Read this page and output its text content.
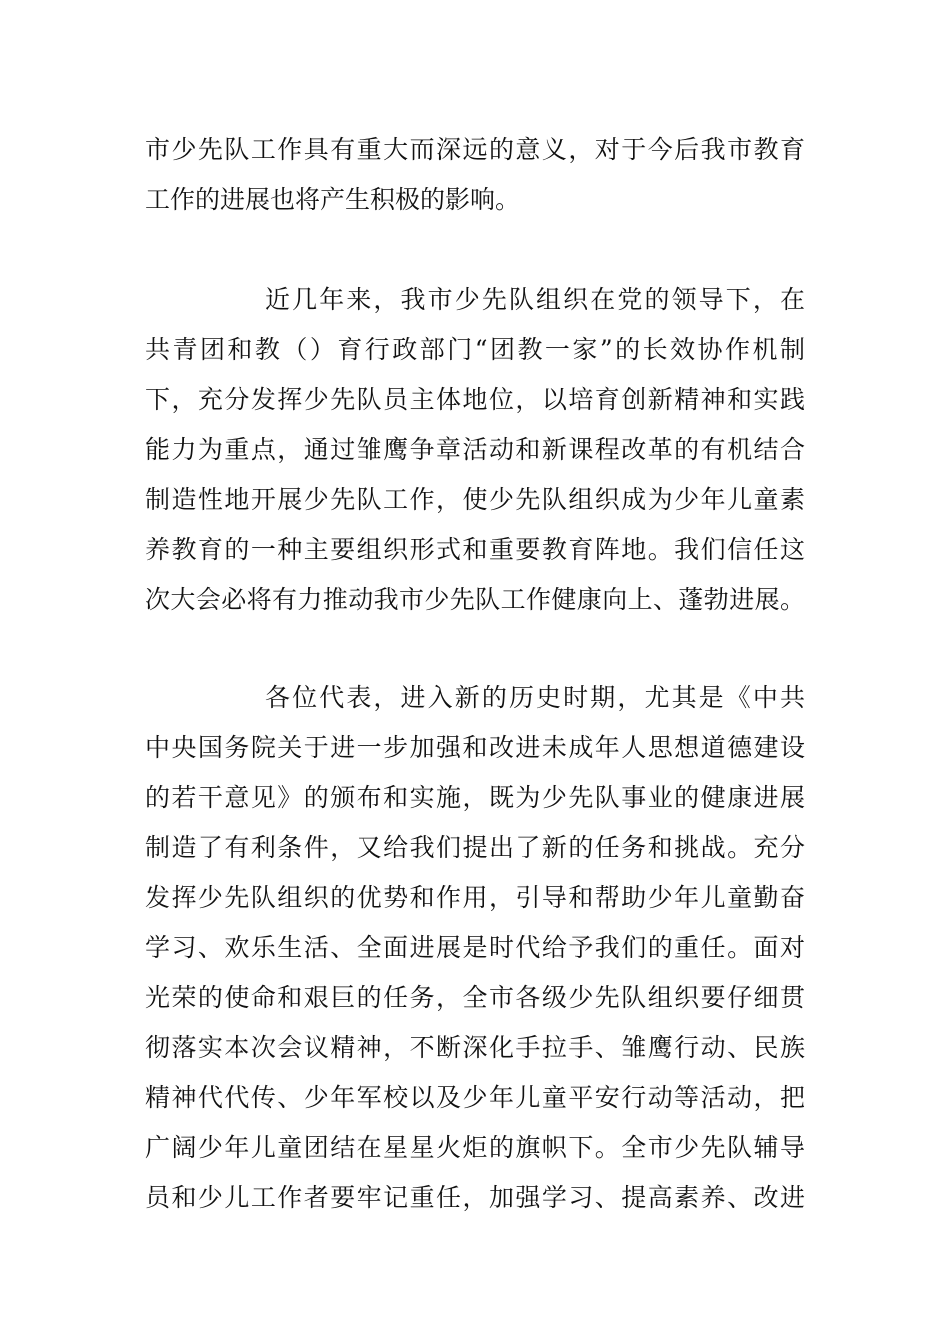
市少先队工作具有重大而深远的意义，对于今后我市教育
工作的进展也将产生积极的影响。
近几年来，我市少先队组织在党的领导下，在
共青团和教（）育行政部门“团教一家”的长效协作机制
下，充分发挥少先队员主体地位，以培育创新精神和实践
能力为重点，通过雏鹰争章活动和新课程改革的有机结合
制造性地开展少先队工作，使少先队组织成为少年儿童素
养教育的一种主要组织形式和重要教育阵地。我们信任这
次大会必将有力推动我市少先队工作健康向上、蓬勃进展。
各位代表，进入新的历史时期，尤其是《中共
中央国务院关于进一步加强和改进未成年人思想道德建设
的若干意见》的颁布和实施，既为少先队事业的健康进展
制造了有利条件，又给我们提出了新的任务和挑战。充分
发挥少先队组织的优势和作用，引导和帮助少年儿童勤奋
学习、欢乐生活、全面进展是时代给予我们的重任。面对
光荣的使命和艰巨的任务，全市各级少先队组织要仔细贯
彻落实本次会议精神，不断深化手拉手、雏鹰行动、民族
精神代代传、少年军校以及少年儿童平安行动等活动，把
广阔少年儿童团结在星星火炬的旗帜下。全市少先队辅导
员和少儿工作者要牢记重任，加强学习、提高素养、改进
